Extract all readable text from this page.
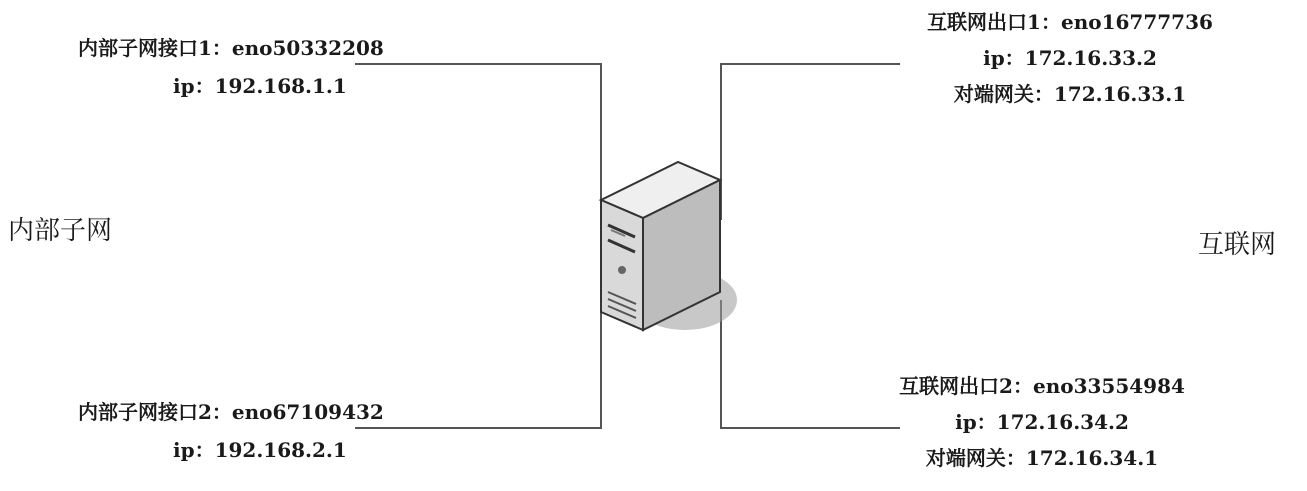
内部子网	互联网
内部子网接口1：eno50332208
ip：192.168.1.1
内部子网接口2：eno67109432
ip：192.168.2.1
互联网出口1：eno16777736
ip：172.16.33.2
对端网关：172.16.33.1
互联网出口2：eno33554984
ip：172.16.34.2
对端网关：172.16.34.1
